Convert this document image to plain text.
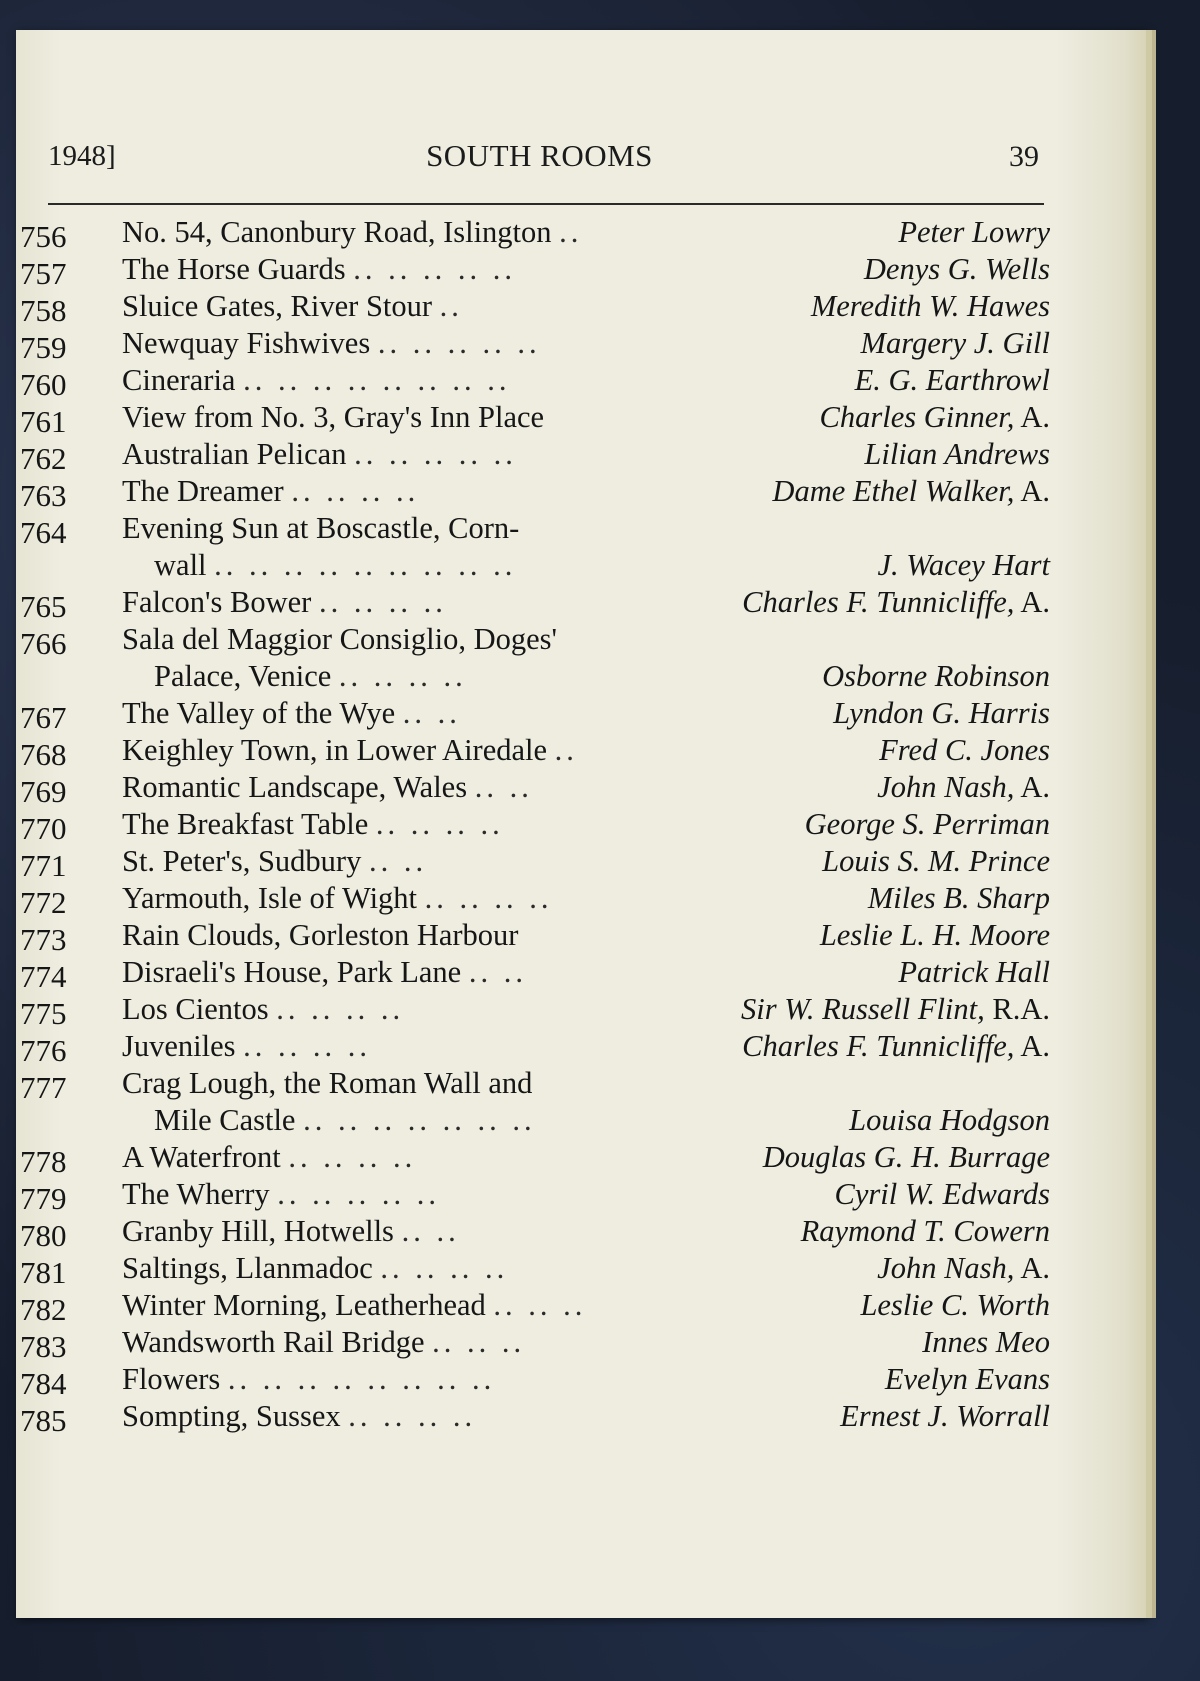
1948]	SOUTH ROOMS	39
756	No. 54, Canonbury Road, Islington ..	Peter Lowry
757	The Horse Guards .. .. .. .. ..	Denys G. Wells
758	Sluice Gates, River Stour ..	Meredith W. Hawes
759	Newquay Fishwives .. .. .. .. ..	Margery J. Gill
760	Cineraria .. .. .. .. .. .. .. ..	E. G. Earthrowl
761	View from No. 3, Gray's Inn Place	Charles Ginner, A.
762	Australian Pelican .. .. .. .. ..	Lilian Andrews
763	The Dreamer .. .. .. ..	Dame Ethel Walker, A.
764	Evening Sun at Boscastle, Corn-
wall .. .. .. .. .. .. .. .. ..	J. Wacey Hart
765	Falcon's Bower .. .. .. ..	Charles F. Tunnicliffe, A.
766	Sala del Maggior Consiglio, Doges'
Palace, Venice .. .. .. ..	Osborne Robinson
767	The Valley of the Wye .. ..	Lyndon G. Harris
768	Keighley Town, in Lower Airedale ..	Fred C. Jones
769	Romantic Landscape, Wales .. ..	John Nash, A.
770	The Breakfast Table .. .. .. ..	George S. Perriman
771	St. Peter's, Sudbury .. ..	Louis S. M. Prince
772	Yarmouth, Isle of Wight .. .. .. ..	Miles B. Sharp
773	Rain Clouds, Gorleston Harbour	Leslie L. H. Moore
774	Disraeli's House, Park Lane .. ..	Patrick Hall
775	Los Cientos .. .. .. ..	Sir W. Russell Flint, R.A.
776	Juveniles .. .. .. ..	Charles F. Tunnicliffe, A.
777	Crag Lough, the Roman Wall and
Mile Castle .. .. .. .. .. .. ..	Louisa Hodgson
778	A Waterfront .. .. .. ..	Douglas G. H. Burrage
779	The Wherry .. .. .. .. ..	Cyril W. Edwards
780	Granby Hill, Hotwells .. ..	Raymond T. Cowern
781	Saltings, Llanmadoc .. .. .. ..	John Nash, A.
782	Winter Morning, Leatherhead .. .. ..	Leslie C. Worth
783	Wandsworth Rail Bridge .. .. ..	Innes Meo
784	Flowers .. .. .. .. .. .. .. ..	Evelyn Evans
785	Sompting, Sussex .. .. .. ..	Ernest J. Worrall
